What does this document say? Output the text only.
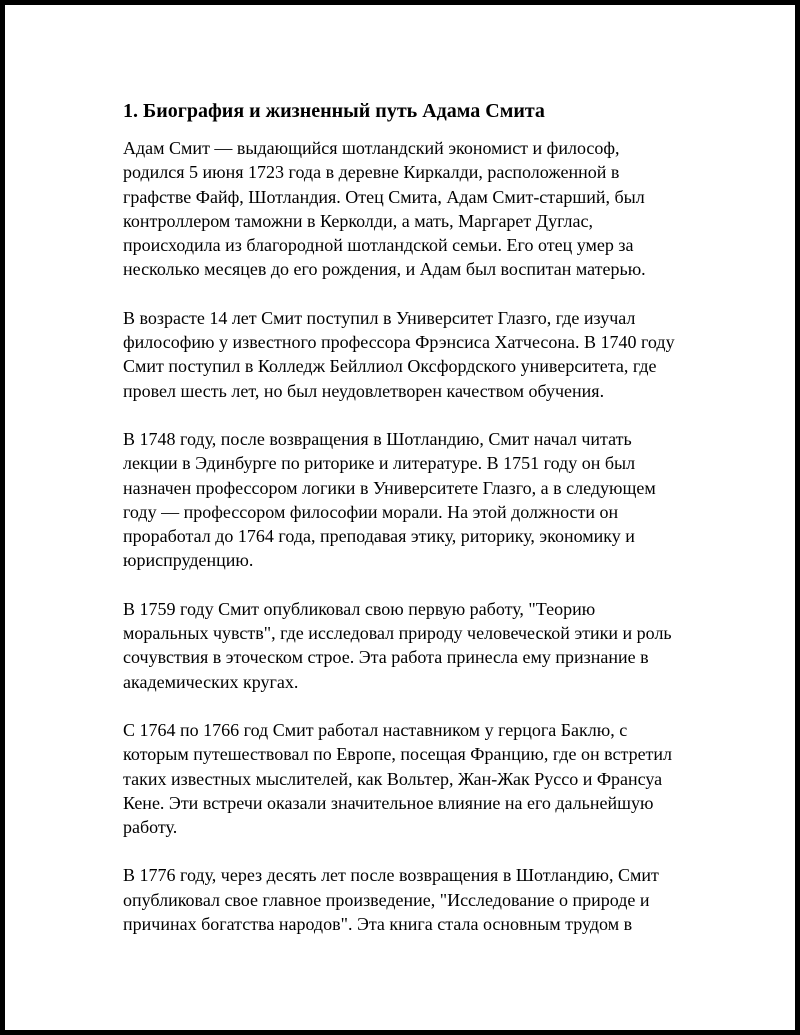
1. Биография и жизненный путь Адама Смита

Адам Смит — выдающийся шотландский экономист и философ,
родился 5 июня 1723 года в деревне Киркалди, расположенной в
графстве Файф, Шотландия. Отец Смита, Адам Смит-старший, был
контроллером таможни в Керколди, а мать, Маргарет Дуглас,
происходила из благородной шотландской семьи. Его отец умер за
несколько месяцев до его рождения, и Адам был воспитан матерью.

В возрасте 14 лет Смит поступил в Университет Глазго, где изучал
философию у известного профессора Фрэнсиса Хатчесона. В 1740 году
Смит поступил в Колледж Бейллиол Оксфордского университета, где
провел шесть лет, но был неудовлетворен качеством обучения.

В 1748 году, после возвращения в Шотландию, Смит начал читать
лекции в Эдинбурге по риторике и литературе. В 1751 году он был
назначен профессором логики в Университете Глазго, а в следующем
году — профессором философии морали. На этой должности он
проработал до 1764 года, преподавая этику, риторику, экономику и
юриспруденцию.

В 1759 году Смит опубликовал свою первую работу, "Теорию
моральных чувств", где исследовал природу человеческой этики и роль
сочувствия в эточеском строе. Эта работа принесла ему признание в
академических кругах.

С 1764 по 1766 год Смит работал наставником у герцога Баклю, с
которым путешествовал по Европе, посещая Францию, где он встретил
таких известных мыслителей, как Вольтер, Жан-Жак Руссо и Франсуа
Кене. Эти встречи оказали значительное влияние на его дальнейшую
работу.

В 1776 году, через десять лет после возвращения в Шотландию, Смит
опубликовал свое главное произведение, "Исследование о природе и
причинах богатства народов". Эта книга стала основным трудом в
